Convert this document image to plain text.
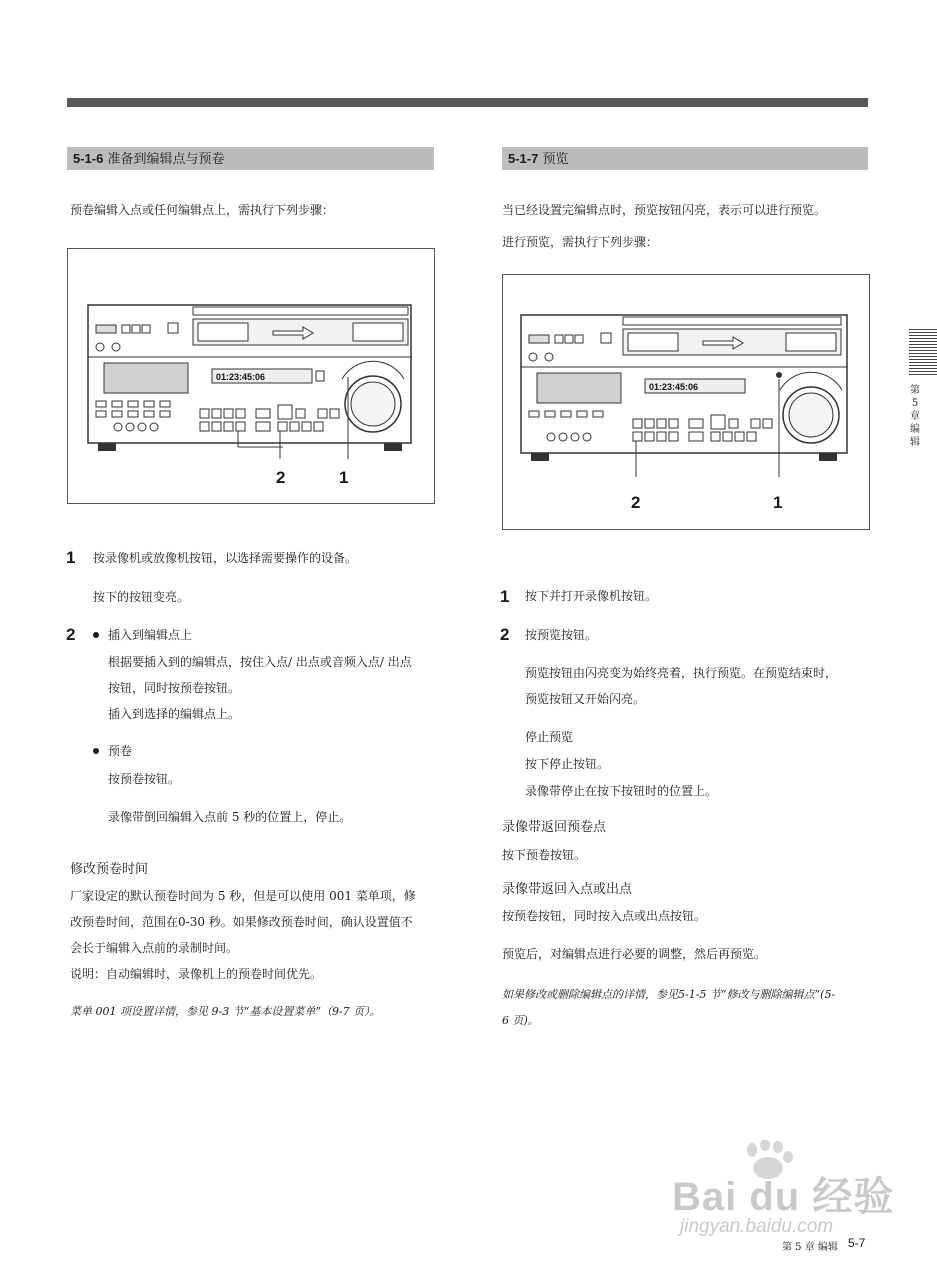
5-1-6 准备到编辑点与预卷
预卷编辑入点或任何编辑点上，需执行下列步骤：
01:23:45:06
2	1
1 按录像机或放像机按钮，以选择需要操作的设备。
按下的按钮变亮。
2	插入到编辑点上
根据要插入到的编辑点，按住入点/ 出点或音频入点/ 出点
按钮，同时按预卷按钮。
插入到选择的编辑点上。
预卷
按预卷按钮。
录像带倒回编辑入点前 5 秒的位置上，停止。
修改预卷时间
厂家设定的默认预卷时间为 5 秒，但是可以使用 001 菜单项，修
改预卷时间，范围在0-30 秒。如果修改预卷时间，确认设置值不
会长于编辑入点前的录制时间。
说明：自动编辑时，录像机上的预卷时间优先。
菜单 001 项设置详情，参见 9-3 节“基本设置菜单”（9-7 页）。
5-1-7 预览
当已经设置完编辑点时，预览按钮闪亮，表示可以进行预览。
进行预览，需执行下列步骤：
01:23:45:06
2	1
1 按下并打开录像机按钮。
2 按预览按钮。
预览按钮由闪亮变为始终亮着，执行预览。在预览结束时，
预览按钮又开始闪亮。
停止预览
按下停止按钮。
录像带停止在按下按钮时的位置上。
录像带返回预卷点
按下预卷按钮。
录像带返回入点或出点
按预卷按钮，同时按入点或出点按钮。
预览后，对编辑点进行必要的调整，然后再预览。
如果修改或删除编辑点的详情，参见5-1-5 节“修改与删除编辑点”(5-
6 页)。
第 5 章 编辑
Bai du 经验
jingyan.baidu.com
第 5 章 编辑 5-7
